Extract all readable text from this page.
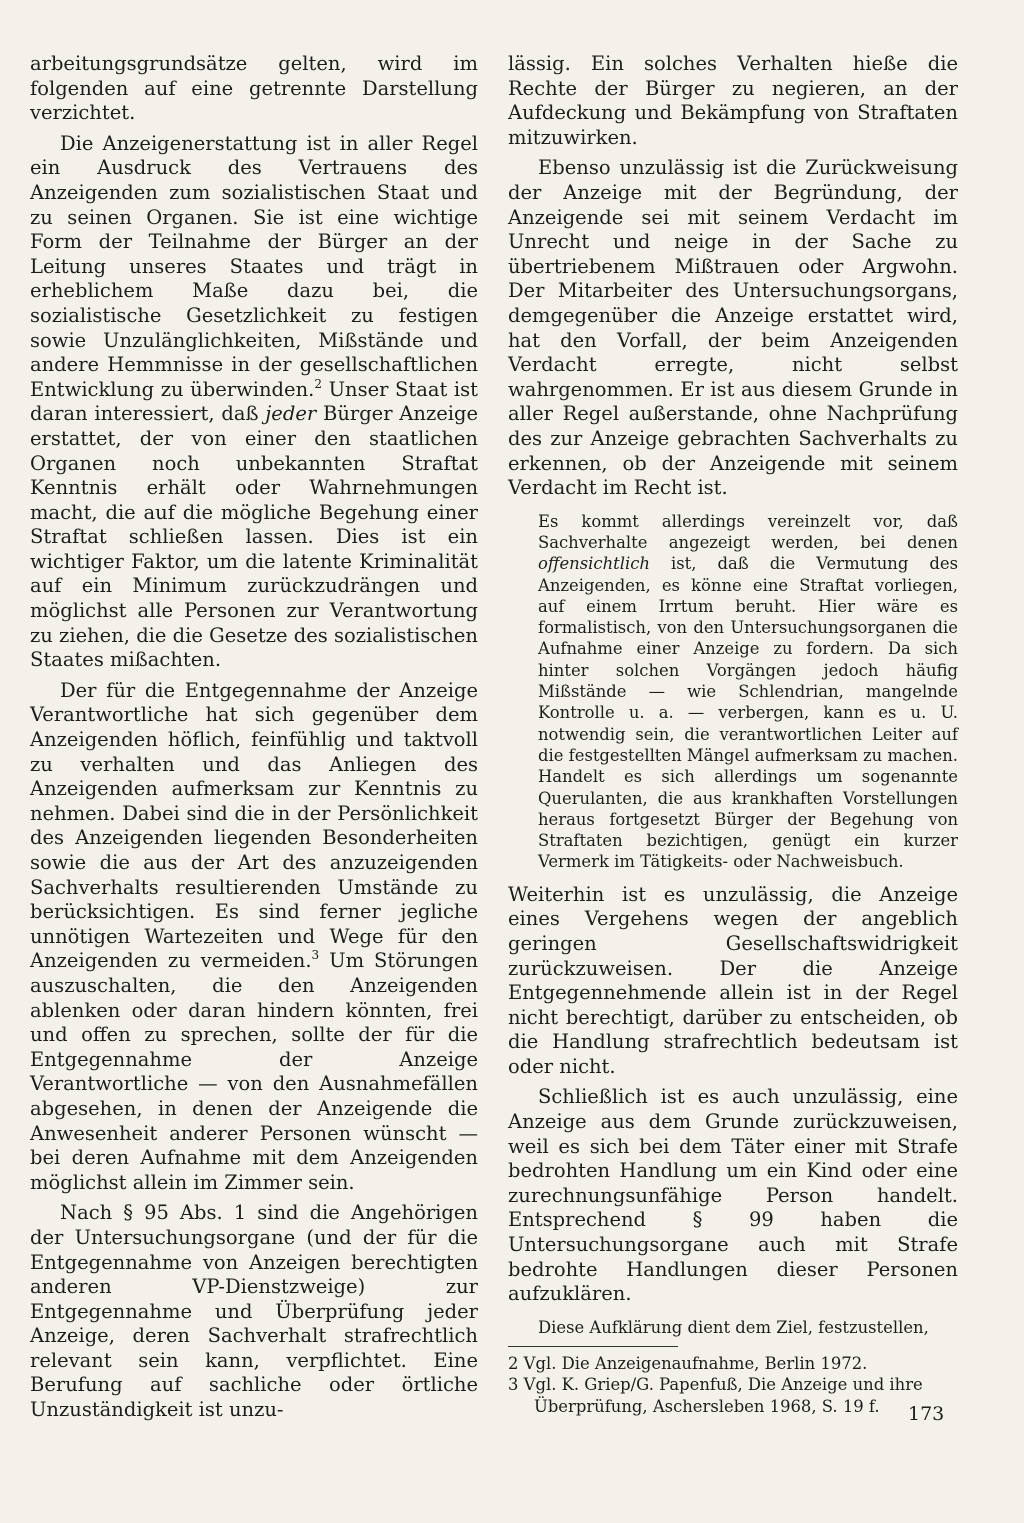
arbeitungsgrundsätze gelten, wird im folgenden auf eine getrennte Darstellung verzichtet.

Die Anzeigenerstattung ist in aller Regel ein Ausdruck des Vertrauens des Anzeigenden zum sozialistischen Staat und zu seinen Organen. Sie ist eine wichtige Form der Teilnahme der Bürger an der Leitung unseres Staates und trägt in erheblichem Maße dazu bei, die sozialistische Gesetzlichkeit zu festigen sowie Unzulänglichkeiten, Mißstände und andere Hemmnisse in der gesellschaftlichen Entwicklung zu überwinden.$^2$ Unser Staat ist daran interessiert, daß jeder Bürger Anzeige erstattet, der von einer den staatlichen Organen noch unbekannten Straftat Kenntnis erhält oder Wahrnehmungen macht, die auf die mögliche Begehung einer Straftat schließen lassen. Dies ist ein wichtiger Faktor, um die latente Kriminalität auf ein Minimum zurückzudrängen und möglichst alle Personen zur Verantwortung zu ziehen, die die Gesetze des sozialistischen Staates mißachten.

Der für die Entgegennahme der Anzeige Verantwortliche hat sich gegenüber dem Anzeigenden höflich, feinfühlig und taktvoll zu verhalten und das Anliegen des Anzeigenden aufmerksam zur Kenntnis zu nehmen. Dabei sind die in der Persönlichkeit des Anzeigenden liegenden Besonderheiten sowie die aus der Art des anzuzeigenden Sachverhalts resultierenden Umstände zu berücksichtigen. Es sind ferner jegliche unnötigen Wartezeiten und Wege für den Anzeigenden zu vermeiden.$^3$ Um Störungen auszuschalten, die den Anzeigenden ablenken oder daran hindern könnten, frei und offen zu sprechen, sollte der für die Entgegennahme der Anzeige Verantwortliche — von den Ausnahmefällen abgesehen, in denen der Anzeigende die Anwesenheit anderer Personen wünscht — bei deren Aufnahme mit dem Anzeigenden möglichst allein im Zimmer sein.

Nach § 95 Abs. 1 sind die Angehörigen der Untersuchungsorgane (und der für die Entgegennahme von Anzeigen berechtigten anderen VP-Dienstzweige) zur Entgegennahme und Überprüfung jeder Anzeige, deren Sachverhalt strafrechtlich relevant sein kann, verpflichtet. Eine Berufung auf sachliche oder örtliche Unzuständigkeit ist unzu-

lässig. Ein solches Verhalten hieße die Rechte der Bürger zu negieren, an der Aufdeckung und Bekämpfung von Straftaten mitzuwirken.

Ebenso unzulässig ist die Zurückweisung der Anzeige mit der Begründung, der Anzeigende sei mit seinem Verdacht im Unrecht und neige in der Sache zu übertriebenem Mißtrauen oder Argwohn. Der Mitarbeiter des Untersuchungsorgans, demgegenüber die Anzeige erstattet wird, hat den Vorfall, der beim Anzeigenden Verdacht erregte, nicht selbst wahrgenommen. Er ist aus diesem Grunde in aller Regel außerstande, ohne Nachprüfung des zur Anzeige gebrachten Sachverhalts zu erkennen, ob der Anzeigende mit seinem Verdacht im Recht ist.

Es kommt allerdings vereinzelt vor, daß Sachverhalte angezeigt werden, bei denen offensichtlich ist, daß die Vermutung des Anzeigenden, es könne eine Straftat vorliegen, auf einem Irrtum beruht. Hier wäre es formalistisch, von den Untersuchungsorganen die Aufnahme einer Anzeige zu fordern. Da sich hinter solchen Vorgängen jedoch häufig Mißstände — wie Schlendrian, mangelnde Kontrolle u. a. — verbergen, kann es u. U. notwendig sein, die verantwortlichen Leiter auf die festgestellten Mängel aufmerksam zu machen. Handelt es sich allerdings um sogenannte Querulanten, die aus krankhaften Vorstellungen heraus fortgesetzt Bürger der Begehung von Straftaten bezichtigen, genügt ein kurzer Vermerk im Tätigkeits- oder Nachweisbuch.

Weiterhin ist es unzulässig, die Anzeige eines Vergehens wegen der angeblich geringen Gesellschaftswidrigkeit zurückzuweisen. Der die Anzeige Entgegennehmende allein ist in der Regel nicht berechtigt, darüber zu entscheiden, ob die Handlung strafrechtlich bedeutsam ist oder nicht.

Schließlich ist es auch unzulässig, eine Anzeige aus dem Grunde zurückzuweisen, weil es sich bei dem Täter einer mit Strafe bedrohten Handlung um ein Kind oder eine zurechnungsunfähige Person handelt. Entsprechend § 99 haben die Untersuchungsorgane auch mit Strafe bedrohte Handlungen dieser Personen aufzuklären.

Diese Aufklärung dient dem Ziel, festzustellen,

2 Vgl. Die Anzeigenaufnahme, Berlin 1972.

3 Vgl. K. Griep/G. Papenfuß, Die Anzeige und ihre Überprüfung, Aschersleben 1968, S. 19 f.	173
